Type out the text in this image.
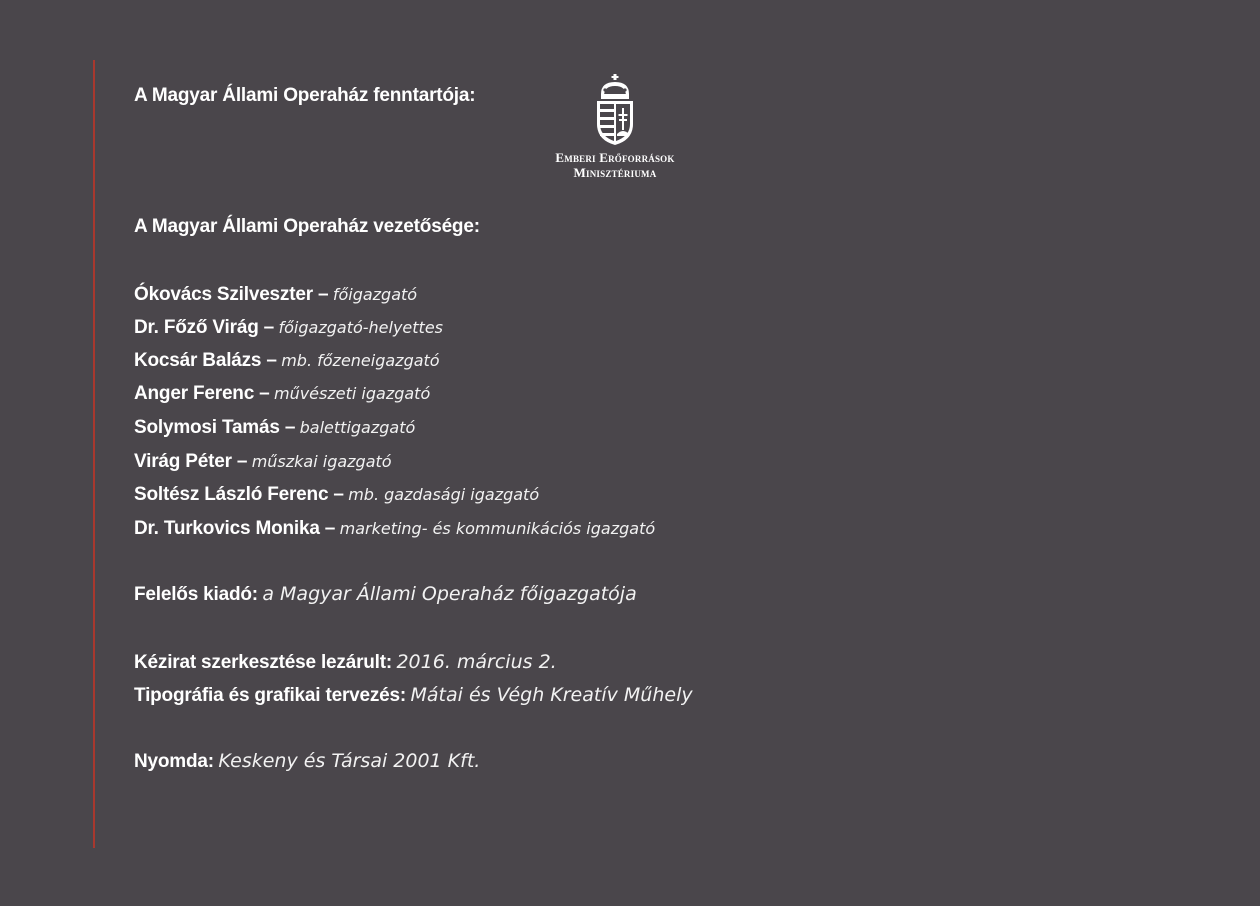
A Magyar Állami Operaház fenntartója:
Emberi Erőforrások
Minisztériuma
A Magyar Állami Operaház vezetősége:
Ókovács Szilveszter – főigazgató
Dr. Főző Virág – főigazgató-helyettes
Kocsár Balázs – mb. főzeneigazgató
Anger Ferenc – művészeti igazgató
Solymosi Tamás – balettigazgató
Virág Péter – műszkai igazgató
Soltész László Ferenc – mb. gazdasági igazgató
Dr. Turkovics Monika – marketing- és kommunikációs igazgató
Felelős kiadó: a Magyar Állami Operaház főigazgatója
Kézirat szerkesztése lezárult: 2016. március 2.
Tipográfia és grafikai tervezés: Mátai és Végh Kreatív Műhely
Nyomda: Keskeny és Társai 2001 Kft.
